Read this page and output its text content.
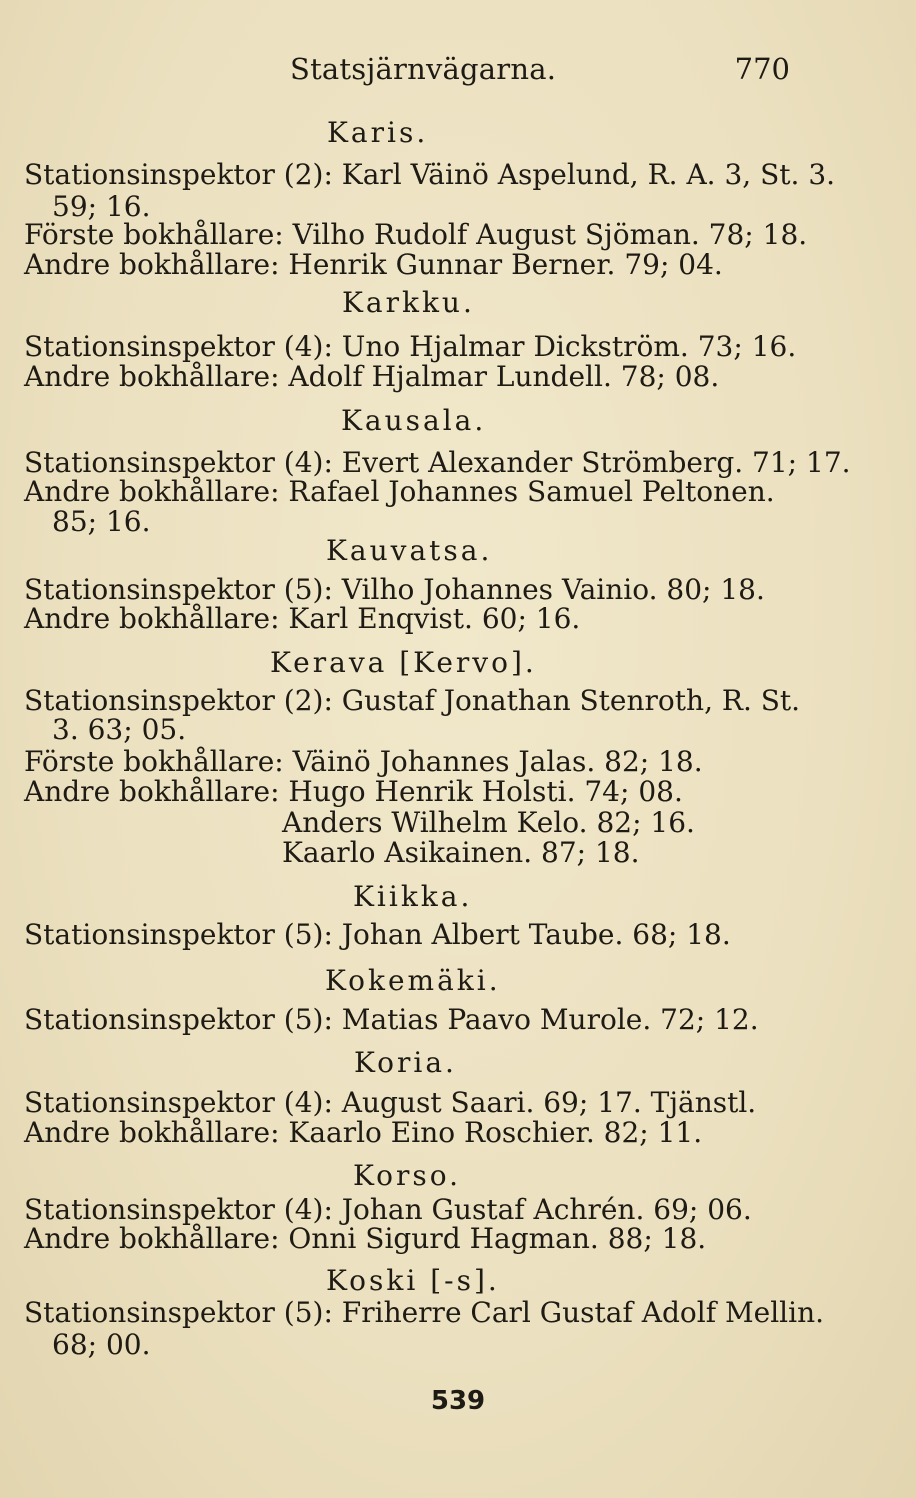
Statsjärnvägarna.	770
Karis.
Stationsinspektor (2): Karl Väinö Aspelund, R. A. 3, St. 3.
59; 16.
Förste bokhållare: Vilho Rudolf August Sjöman. 78; 18.
Andre bokhållare: Henrik Gunnar Berner. 79; 04.
Karkku.
Stationsinspektor (4): Uno Hjalmar Dickström. 73; 16.
Andre bokhållare: Adolf Hjalmar Lundell. 78; 08.
Kausala.
Stationsinspektor (4): Evert Alexander Strömberg. 71; 17.
Andre bokhållare: Rafael Johannes Samuel Peltonen.
85; 16.
Kauvatsa.
Stationsinspektor (5): Vilho Johannes Vainio. 80; 18.
Andre bokhållare: Karl Enqvist. 60; 16.
Kerava [Kervo].
Stationsinspektor (2): Gustaf Jonathan Stenroth, R. St.
3. 63; 05.
Förste bokhållare: Väinö Johannes Jalas. 82; 18.
Andre bokhållare: Hugo Henrik Holsti. 74; 08.
Anders Wilhelm Kelo. 82; 16.
Kaarlo Asikainen. 87; 18.
Kiikka.
Stationsinspektor (5): Johan Albert Taube. 68; 18.
Kokemäki.
Stationsinspektor (5): Matias Paavo Murole. 72; 12.
Koria.
Stationsinspektor (4): August Saari. 69; 17. Tjänstl.
Andre bokhållare: Kaarlo Eino Roschier. 82; 11.
Korso.
Stationsinspektor (4): Johan Gustaf Achrén. 69; 06.
Andre bokhållare: Onni Sigurd Hagman. 88; 18.
Koski [-s].
Stationsinspektor (5): Friherre Carl Gustaf Adolf Mellin.
68; 00.
539
